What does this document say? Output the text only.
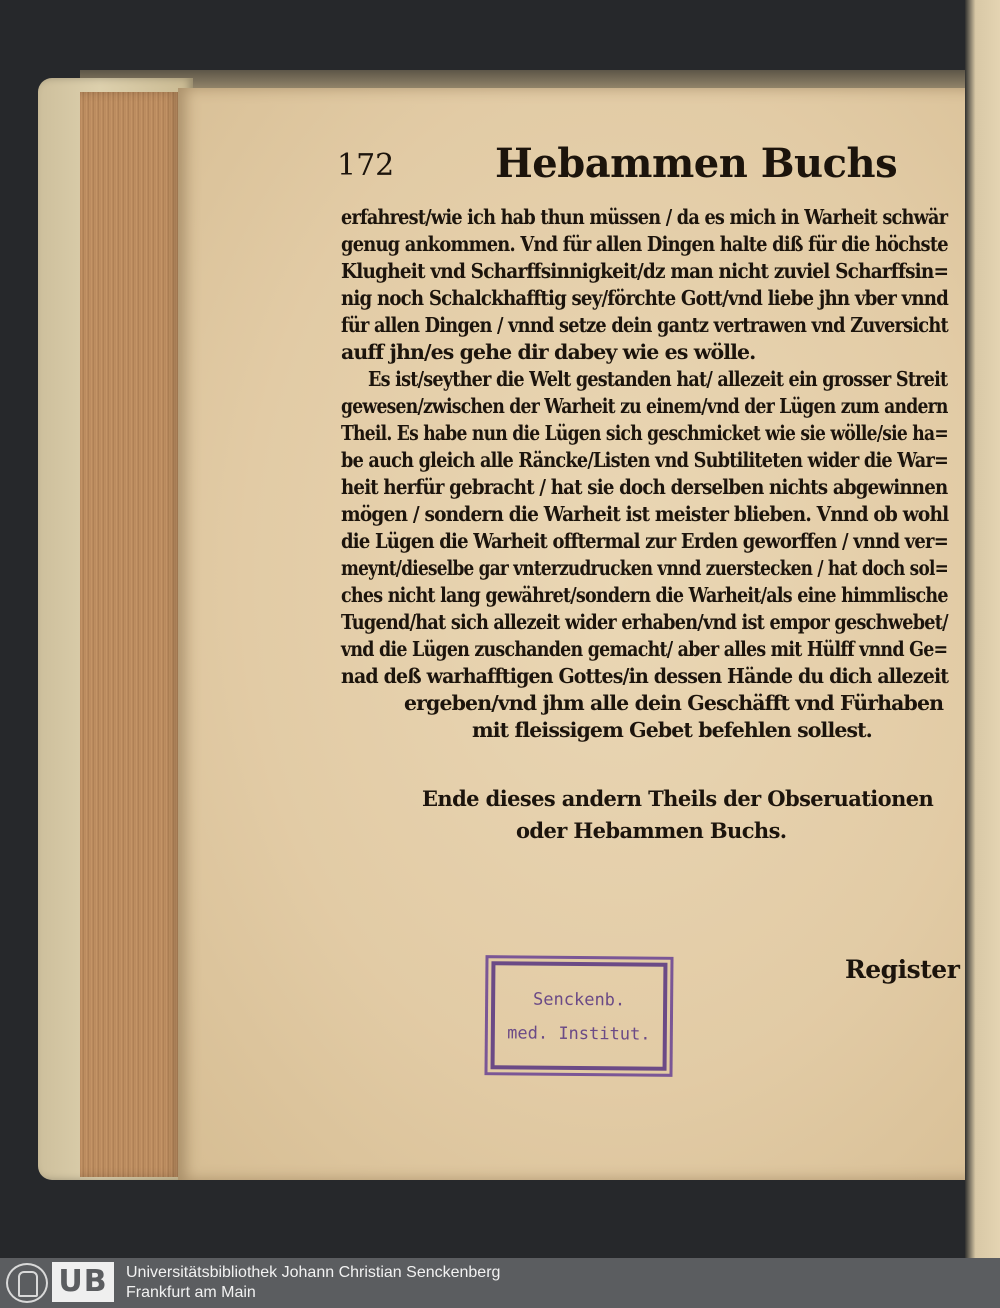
172	Hebammen Buchs
erfahrest/wie ich hab thun müssen / da es mich in Warheit schwär
genug ankommen. Vnd für allen Dingen halte diß für die höchste
Klugheit vnd Scharffsinnigkeit/dz man nicht zuviel Scharffsin=
nig noch Schalckhafftig sey/förchte Gott/vnd liebe jhn vber vnnd
für allen Dingen / vnnd setze dein gantz vertrawen vnd Zuversicht
auff jhn/es gehe dir dabey wie es wölle.
Es ist/seyther die Welt gestanden hat/ allezeit ein grosser Streit
gewesen/zwischen der Warheit zu einem/vnd der Lügen zum andern
Theil. Es habe nun die Lügen sich geschmicket wie sie wölle/sie ha=
be auch gleich alle Räncke/Listen vnd Subtiliteten wider die War=
heit herfür gebracht / hat sie doch derselben nichts abgewinnen
mögen / sondern die Warheit ist meister blieben. Vnnd ob wohl
die Lügen die Warheit offtermal zur Erden geworffen / vnnd ver=
meynt/dieselbe gar vnterzudrucken vnnd zuerstecken / hat doch sol=
ches nicht lang gewähret/sondern die Warheit/als eine himmlische
Tugend/hat sich allezeit wider erhaben/vnd ist empor geschwebet/
vnd die Lügen zuschanden gemacht/ aber alles mit Hülff vnnd Ge=
nad deß warhafftigen Gottes/in dessen Hände du dich allezeit
ergeben/vnd jhm alle dein Geschäfft vnd Fürhaben
mit fleissigem Gebet befehlen sollest.
Ende dieses andern Theils der Obseruationen
oder Hebammen Buchs.
Senckenb.
med. Institut.
Register
UB	Universitätsbibliothek Johann Christian Senckenberg
Frankfurt am Main
